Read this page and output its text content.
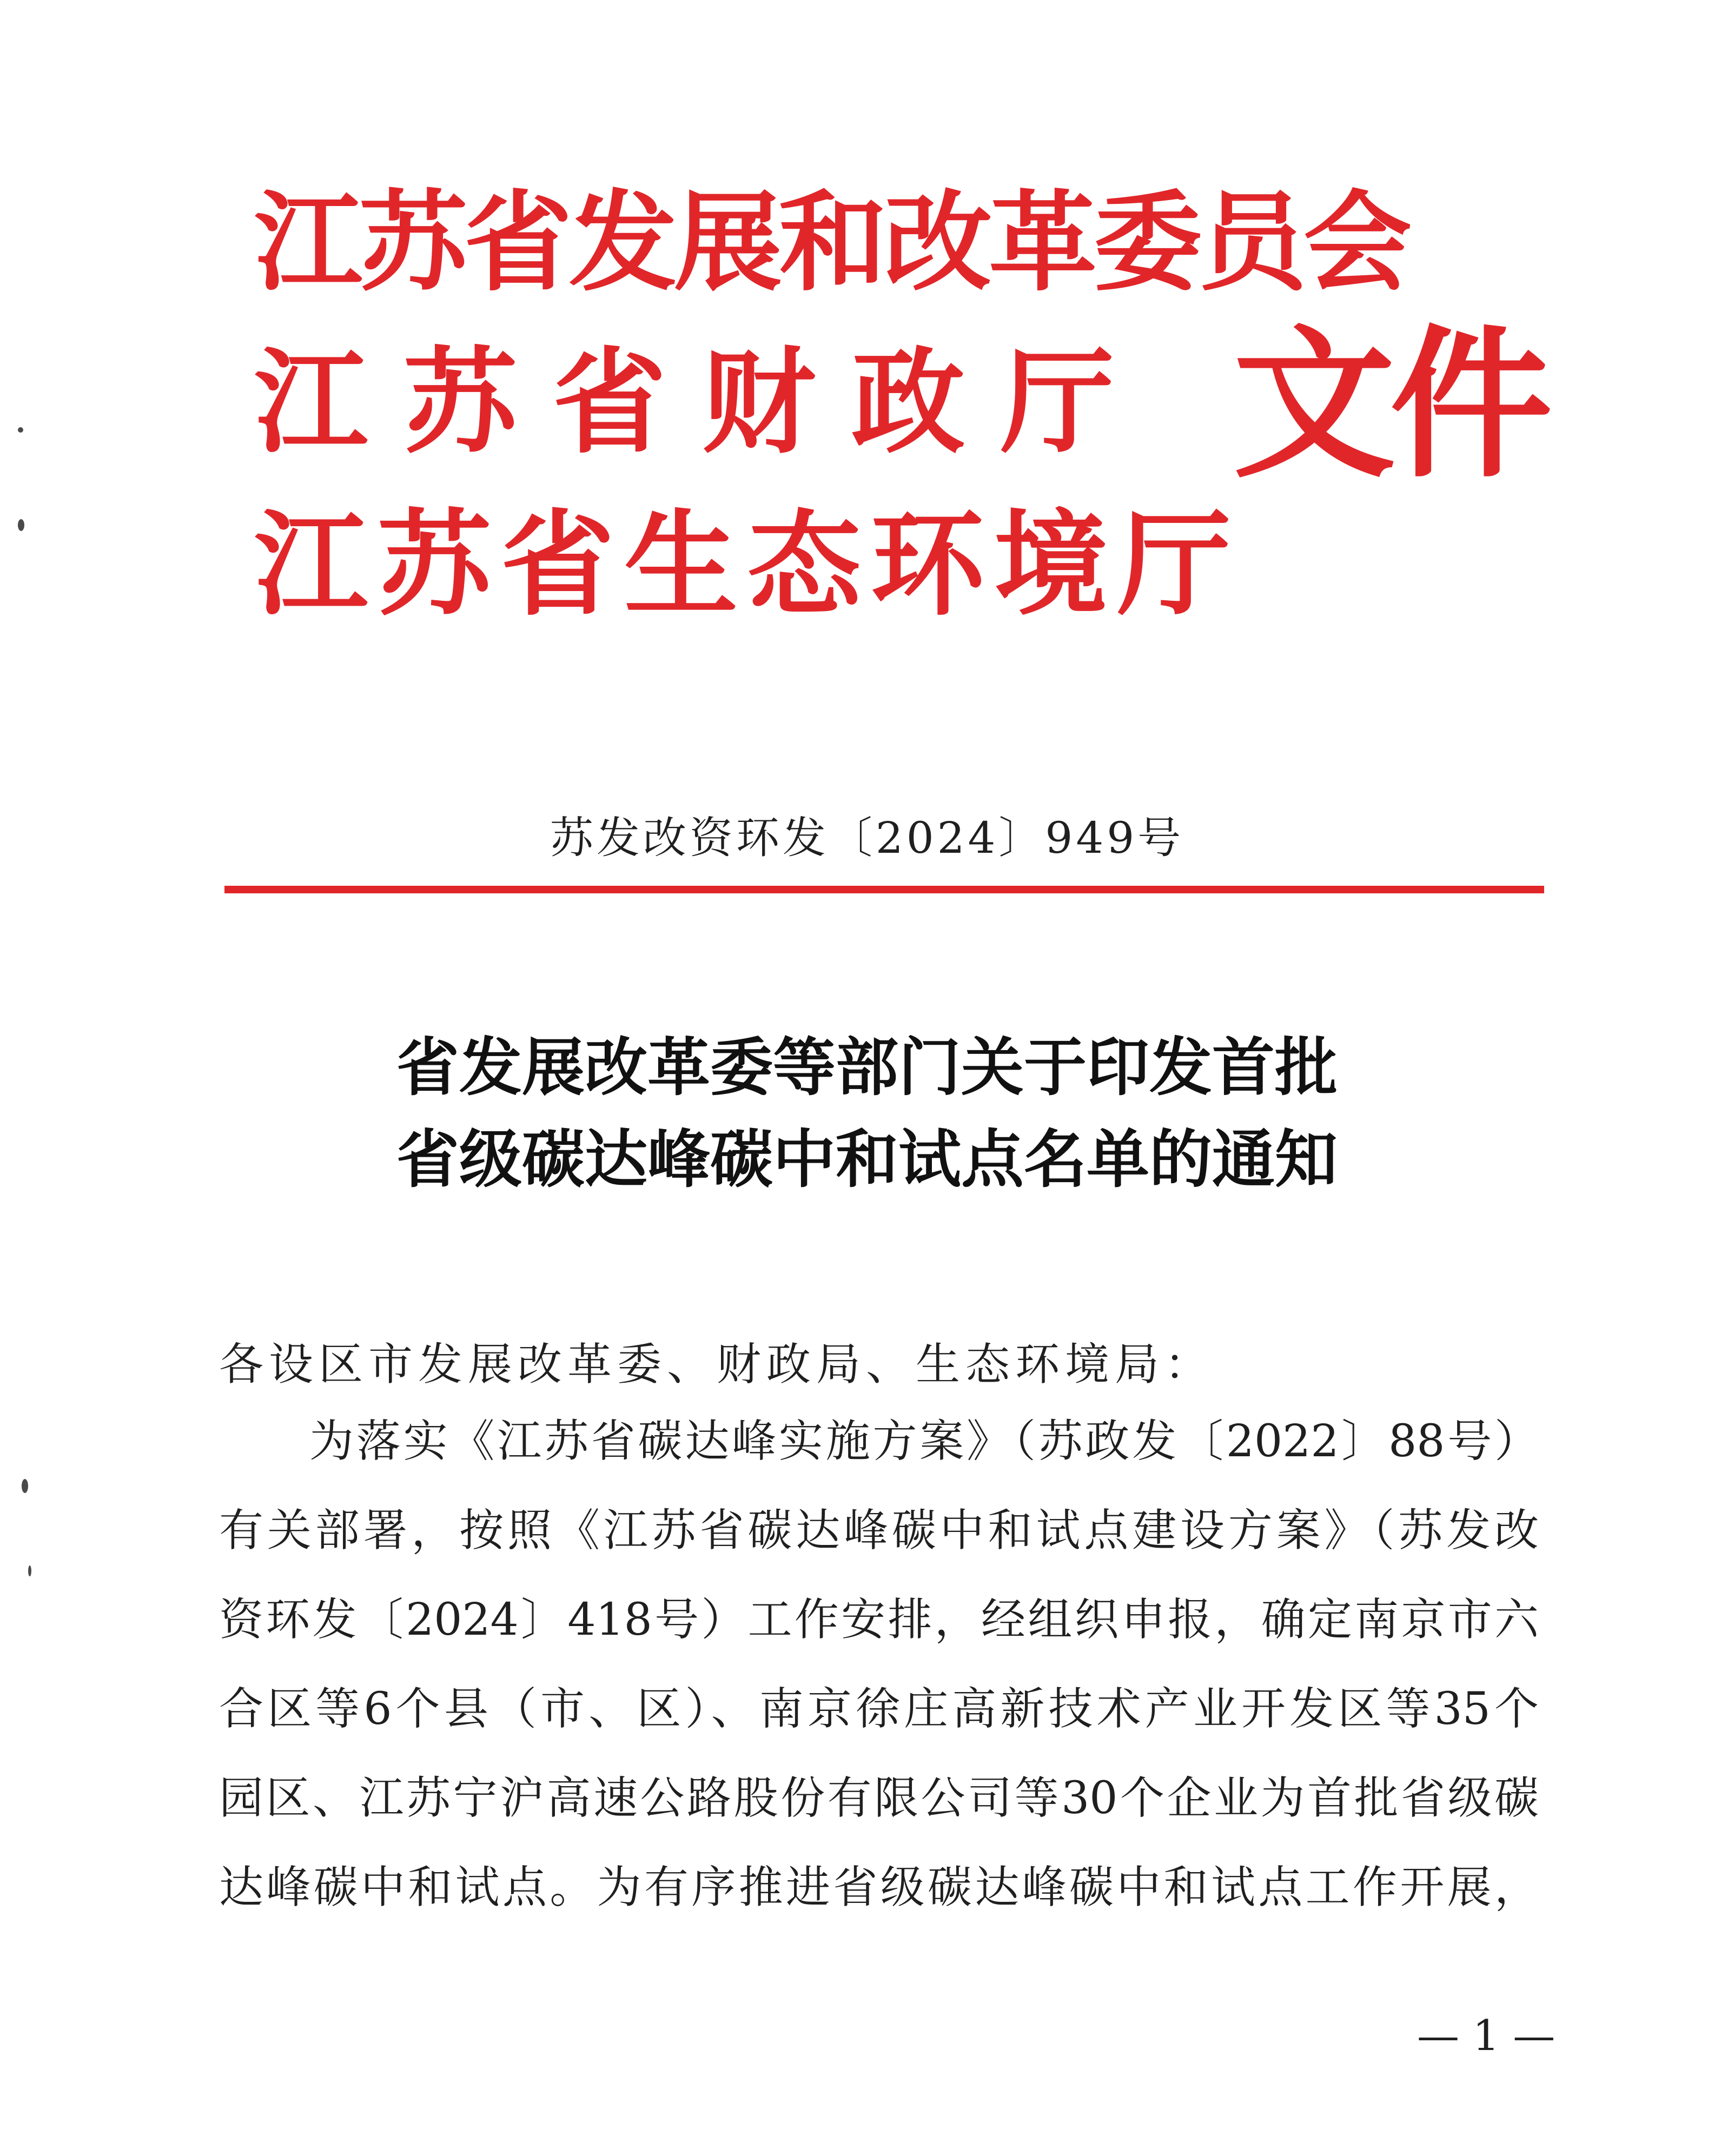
江苏省发展和改革委员会
江苏省财政厅
江苏省生态环境厅
文件
苏发改资环发〔2024〕949号
省发展改革委等部门关于印发首批
省级碳达峰碳中和试点名单的通知
各设区市发展改革委、财政局、生态环境局：
为落实《江苏省碳达峰实施方案》（苏政发〔2022〕88号）
有关部署，按照《江苏省碳达峰碳中和试点建设方案》（苏发改
资环发〔2024〕418号）工作安排，经组织申报，确定南京市六
合区等6个县（市、区）、南京徐庄高新技术产业开发区等35个
园区、江苏宁沪高速公路股份有限公司等30个企业为首批省级碳
达峰碳中和试点。为有序推进省级碳达峰碳中和试点工作开展，
— 1 —
